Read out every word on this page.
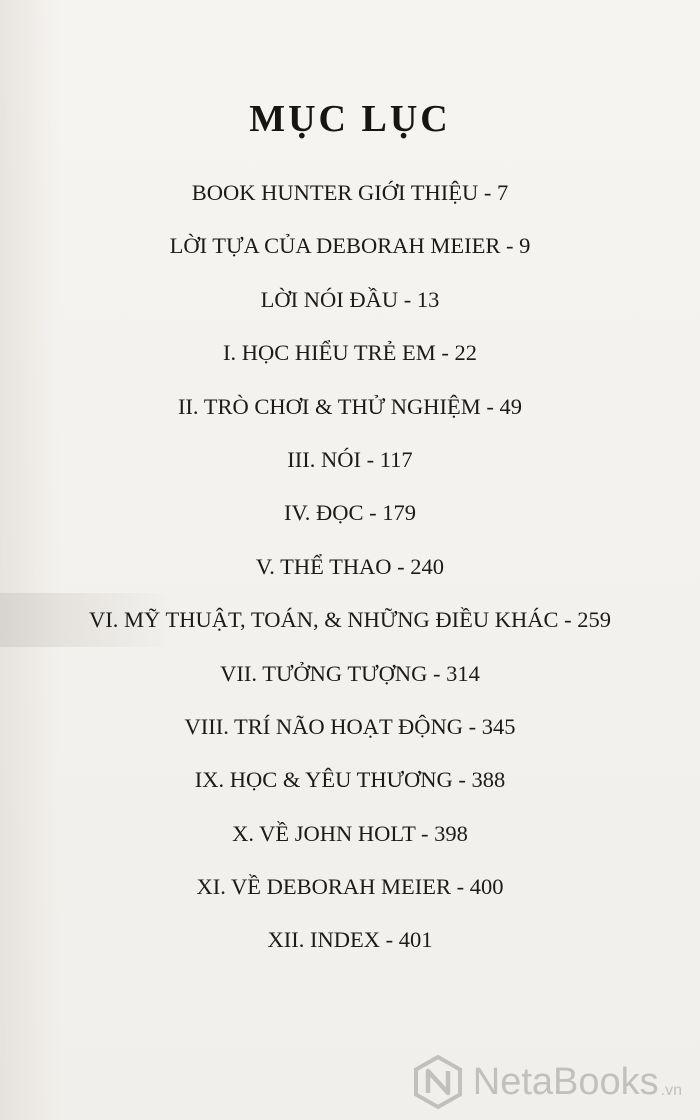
MỤC LỤC
BOOK HUNTER GIỚI THIỆU - 7
LỜI TỰA CỦA DEBORAH MEIER - 9
LỜI NÓI ĐẦU - 13
I. HỌC HIỂU TRẺ EM - 22
II. TRÒ CHƠI & THỬ NGHIỆM - 49
III. NÓI - 117
IV. ĐỌC - 179
V. THỂ THAO - 240
VI. MỸ THUẬT, TOÁN, & NHỮNG ĐIỀU KHÁC - 259
VII. TƯỞNG TƯỢNG - 314
VIII. TRÍ NÃO HOẠT ĐỘNG - 345
IX. HỌC & YÊU THƯƠNG - 388
X. VỀ JOHN HOLT - 398
XI. VỀ DEBORAH MEIER - 400
XII. INDEX - 401
NetaBooks .vn
